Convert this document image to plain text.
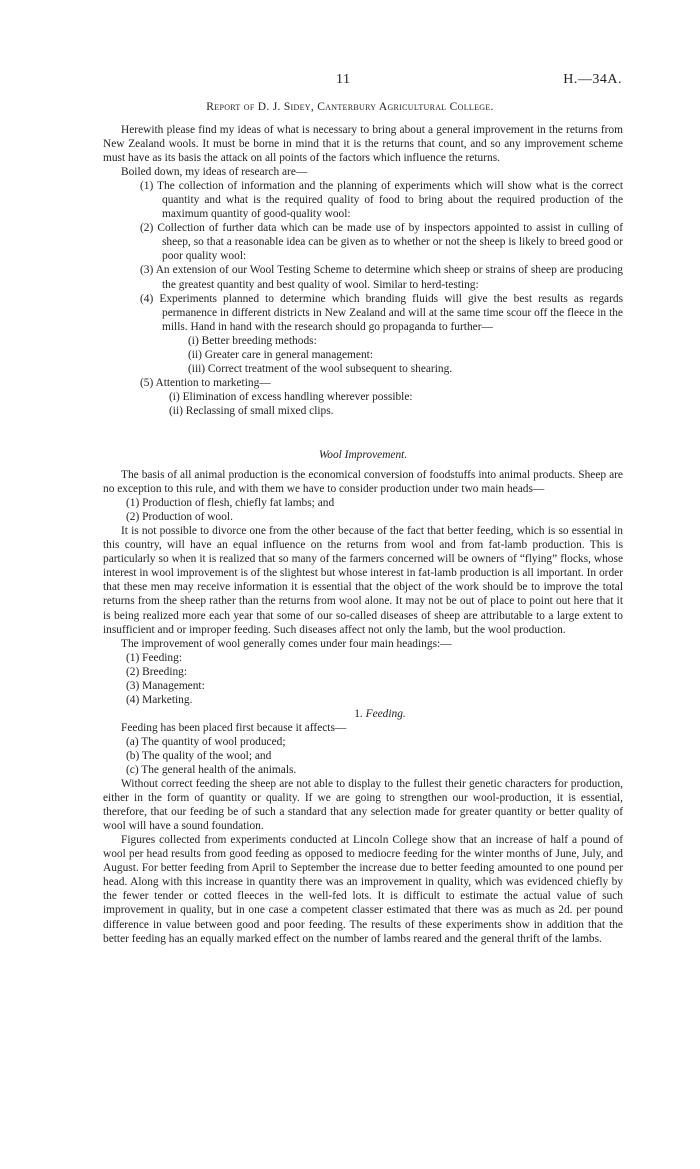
11	H.—34A.
Report of D. J. Sidey, Canterbury Agricultural College.

Herewith please find my ideas of what is necessary to bring about a general improvement in the returns from New Zealand wools. It must be borne in mind that it is the returns that count, and so any improvement scheme must have as its basis the attack on all points of the factors which influence the returns.

Boiled down, my ideas of research are—

(1) The collection of information and the planning of experiments which will show what is the correct quantity and what is the required quality of food to bring about the required production of the maximum quantity of good-quality wool:

(2) Collection of further data which can be made use of by inspectors appointed to assist in culling of sheep, so that a reasonable idea can be given as to whether or not the sheep is likely to breed good or poor quality wool:

(3) An extension of our Wool Testing Scheme to determine which sheep or strains of sheep are producing the greatest quantity and best quality of wool. Similar to herd-testing:

(4) Experiments planned to determine which branding fluids will give the best results as regards permanence in different districts in New Zealand and will at the same time scour off the fleece in the mills. Hand in hand with the research should go propaganda to further—

(i) Better breeding methods:

(ii) Greater care in general management:

(iii) Correct treatment of the wool subsequent to shearing.

(5) Attention to marketing—

(i) Elimination of excess handling wherever possible:

(ii) Reclassing of small mixed clips.

Wool Improvement.

The basis of all animal production is the economical conversion of foodstuffs into animal products. Sheep are no exception to this rule, and with them we have to consider production under two main heads—

(1) Production of flesh, chiefly fat lambs; and

(2) Production of wool.

It is not possible to divorce one from the other because of the fact that better feeding, which is so essential in this country, will have an equal influence on the returns from wool and from fat-lamb production. This is particularly so when it is realized that so many of the farmers concerned will be owners of “flying” flocks, whose interest in wool improvement is of the slightest but whose interest in fat-lamb production is all important. In order that these men may receive information it is essential that the object of the work should be to improve the total returns from the sheep rather than the returns from wool alone. It may not be out of place to point out here that it is being realized more each year that some of our so-called diseases of sheep are attributable to a large extent to insufficient and or improper feeding. Such diseases affect not only the lamb, but the wool production.

The improvement of wool generally comes under four main headings:—

(1) Feeding:

(2) Breeding:

(3) Management:

(4) Marketing.

1. Feeding.

Feeding has been placed first because it affects—

(a) The quantity of wool produced;

(b) The quality of the wool; and

(c) The general health of the animals.

Without correct feeding the sheep are not able to display to the fullest their genetic characters for production, either in the form of quantity or quality. If we are going to strengthen our wool-production, it is essential, therefore, that our feeding be of such a standard that any selection made for greater quantity or better quality of wool will have a sound foundation.

Figures collected from experiments conducted at Lincoln College show that an increase of half a pound of wool per head results from good feeding as opposed to mediocre feeding for the winter months of June, July, and August. For better feeding from April to September the increase due to better feeding amounted to one pound per head. Along with this increase in quantity there was an improvement in quality, which was evidenced chiefly by the fewer tender or cotted fleeces in the well-fed lots. It is difficult to estimate the actual value of such improvement in quality, but in one case a competent classer estimated that there was as much as 2d. per pound difference in value between good and poor feeding. The results of these experiments show in addition that the better feeding has an equally marked effect on the number of lambs reared and the general thrift of the lambs.
